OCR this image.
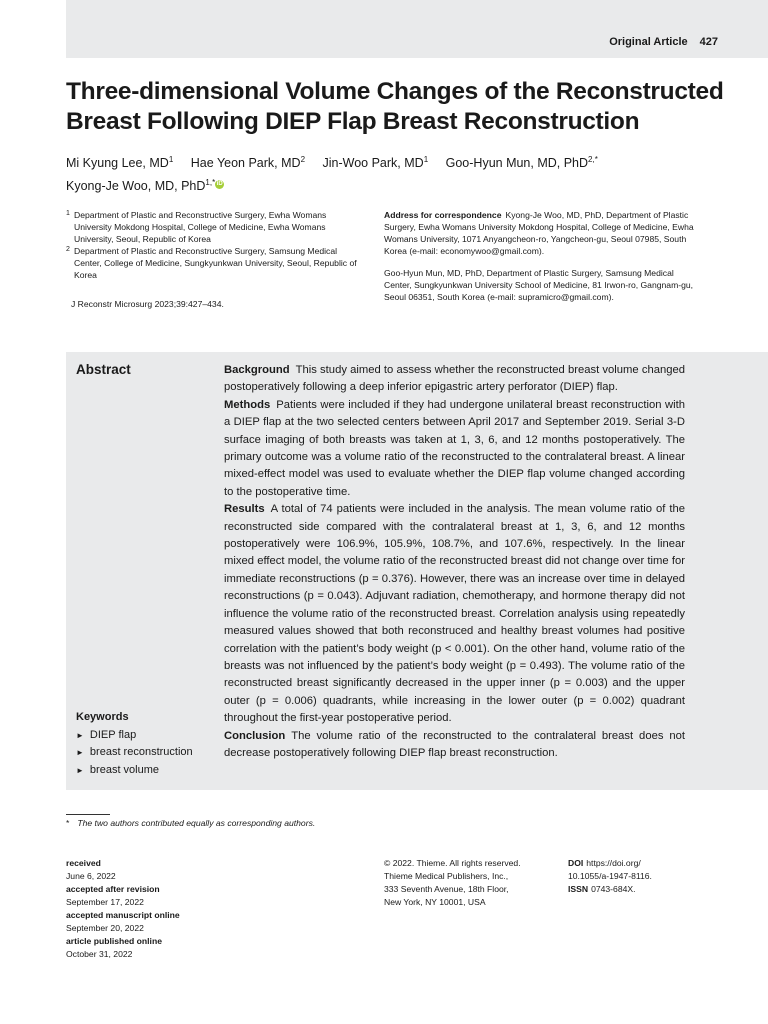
Original Article 427
Three-dimensional Volume Changes of the Reconstructed Breast Following DIEP Flap Breast Reconstruction
Mi Kyung Lee, $MD^1$ Hae Yeon Park, $MD^2$ Jin-Woo Park, $MD^1$ Goo-Hyun Mun, MD, PhD$^{2,*}$
Kyong-Je Woo, MD, PhD$^{1,*}$ iD
1 Department of Plastic and Reconstructive Surgery, Ewha Womans University Mokdong Hospital, College of Medicine, Ewha Womans University, Seoul, Republic of Korea
2 Department of Plastic and Reconstructive Surgery, Samsung Medical Center, College of Medicine, Sungkyunkwan University, Seoul, Republic of Korea
J Reconstr Microsurg 2023;39:427–434.

Address for correspondence Kyong-Je Woo, MD, PhD, Department of Plastic Surgery, Ewha Womans University Mokdong Hospital, College of Medicine, Ewha Womans University, 1071 Anyangcheon-ro, Yangcheon-gu, Seoul 07985, South Korea (e-mail: economywoo@gmail.com).

Goo-Hyun Mun, MD, PhD, Department of Plastic Surgery, Samsung Medical Center, Sungkyunkwan University School of Medicine, 81 Irwon-ro, Gangnam-gu, Seoul 06351, South Korea (e-mail: supramicro@gmail.com).

Abstract	Background This study aimed to assess whether the reconstructed breast volume changed postoperatively following a deep inferior epigastric artery perforator (DIEP) flap.

Methods Patients were included if they had undergone unilateral breast reconstruction with a DIEP flap at the two selected centers between April 2017 and September 2019. Serial 3-D surface imaging of both breasts was taken at 1, 3, 6, and 12 months postoperatively. The primary outcome was a volume ratio of the reconstructed to the contralateral breast. A linear mixed-effect model was used to evaluate whether the DIEP flap volume changed according to the postoperative time.

Results A total of 74 patients were included in the analysis. The mean volume ratio of the reconstructed side compared with the contralateral breast at 1, 3, 6, and 12 months postoperatively were 106.9%, 105.9%, 108.7%, and 107.6%, respectively. In the linear mixed effect model, the volume ratio of the reconstructed breast did not change over time for immediate reconstructions (p = 0.376). However, there was an increase over time in delayed reconstructions (p = 0.043). Adjuvant radiation, chemotherapy, and hormone therapy did not influence the volume ratio of the reconstructed breast. Correlation analysis using repeatedly measured values showed that both reconstruced and healthy breast volumes had positive correlation with the patient’s body weight (p < 0.001). On the other hand, volume ratio of the breasts was not influenced by the patient’s body weight (p = 0.493). The volume ratio of the reconstructed breast significantly decreased in the upper inner (p = 0.003) and the upper outer (p = 0.006) quadrants, while increasing in the lower outer (p = 0.002) quadrant throughout the first-year postoperative period.

Conclusion The volume ratio of the reconstructed to the contralateral breast does not decrease postoperatively following DIEP flap breast reconstruction.

Keywords
► DIEP flap
► breast reconstruction
► breast volume
* The two authors contributed equally as corresponding authors.
received
June 6, 2022
accepted after revision
September 17, 2022
accepted manuscript online
September 20, 2022
article published online
October 31, 2022
© 2022. Thieme. All rights reserved.
Thieme Medical Publishers, Inc.,
333 Seventh Avenue, 18th Floor,
New York, NY 10001, USA
DOI https://doi.org/
10.1055/a-1947-8116.
ISSN 0743-684X.
